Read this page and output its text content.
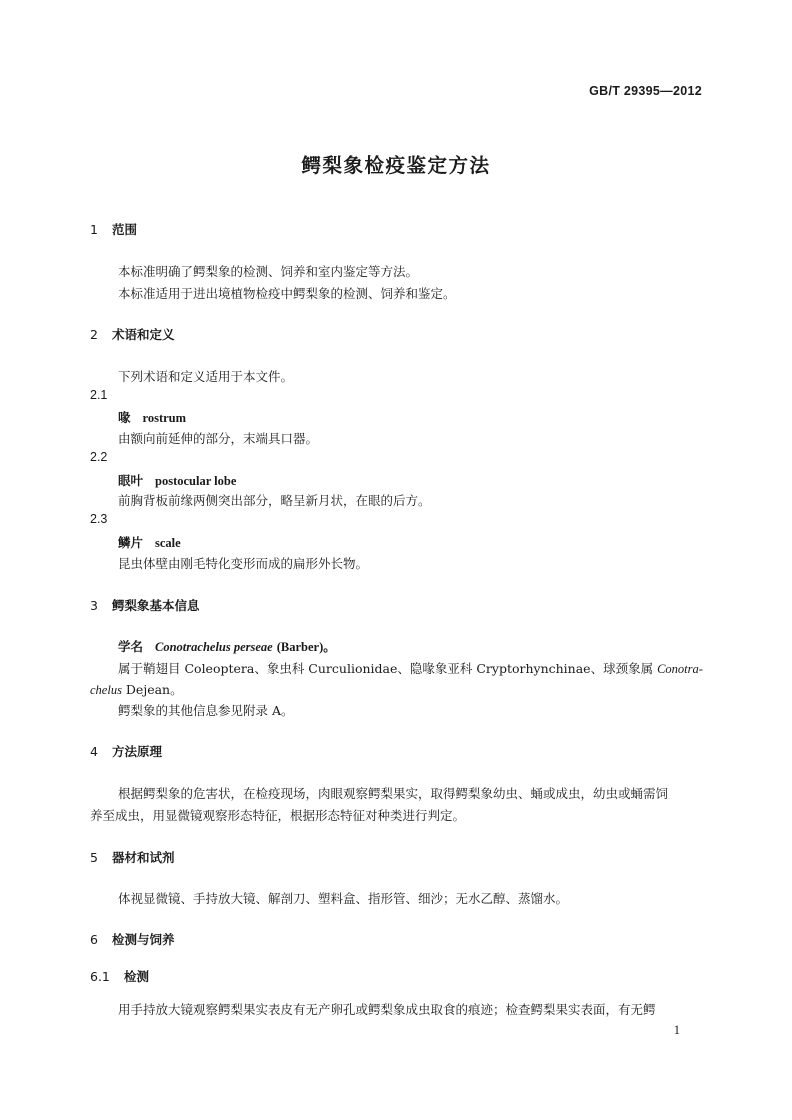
GB/T 29395—2012
鳄梨象检疫鉴定方法
1 范围
本标准明确了鳄梨象的检测、饲养和室内鉴定等方法。
本标准适用于进出境植物检疫中鳄梨象的检测、饲养和鉴定。
2 术语和定义
下列术语和定义适用于本文件。
2.1
喙 rostrum
由额向前延伸的部分，末端具口器。
2.2
眼叶 postocular lobe
前胸背板前缘两侧突出部分，略呈新月状，在眼的后方。
2.3
鳞片 scale
昆虫体壁由刚毛特化变形而成的扁形外长物。
3 鳄梨象基本信息
学名 Conotrachelus perseae (Barber)。
属于鞘翅目 Coleoptera、象虫科 Curculionidae、隐喙象亚科 Cryptorhynchinae、球颈象属 Conotra-
chelus Dejean。
鳄梨象的其他信息参见附录 A。
4 方法原理
根据鳄梨象的危害状，在检疫现场，肉眼观察鳄梨果实，取得鳄梨象幼虫、蛹或成虫，幼虫或蛹需饲
养至成虫，用显微镜观察形态特征，根据形态特征对种类进行判定。
5 器材和试剂
体视显微镜、手持放大镜、解剖刀、塑料盒、指形管、细沙；无水乙醇、蒸馏水。
6 检测与饲养
6.1 检测
用手持放大镜观察鳄梨果实表皮有无产卵孔或鳄梨象成虫取食的痕迹；检查鳄梨果实表面，有无鳄
1
